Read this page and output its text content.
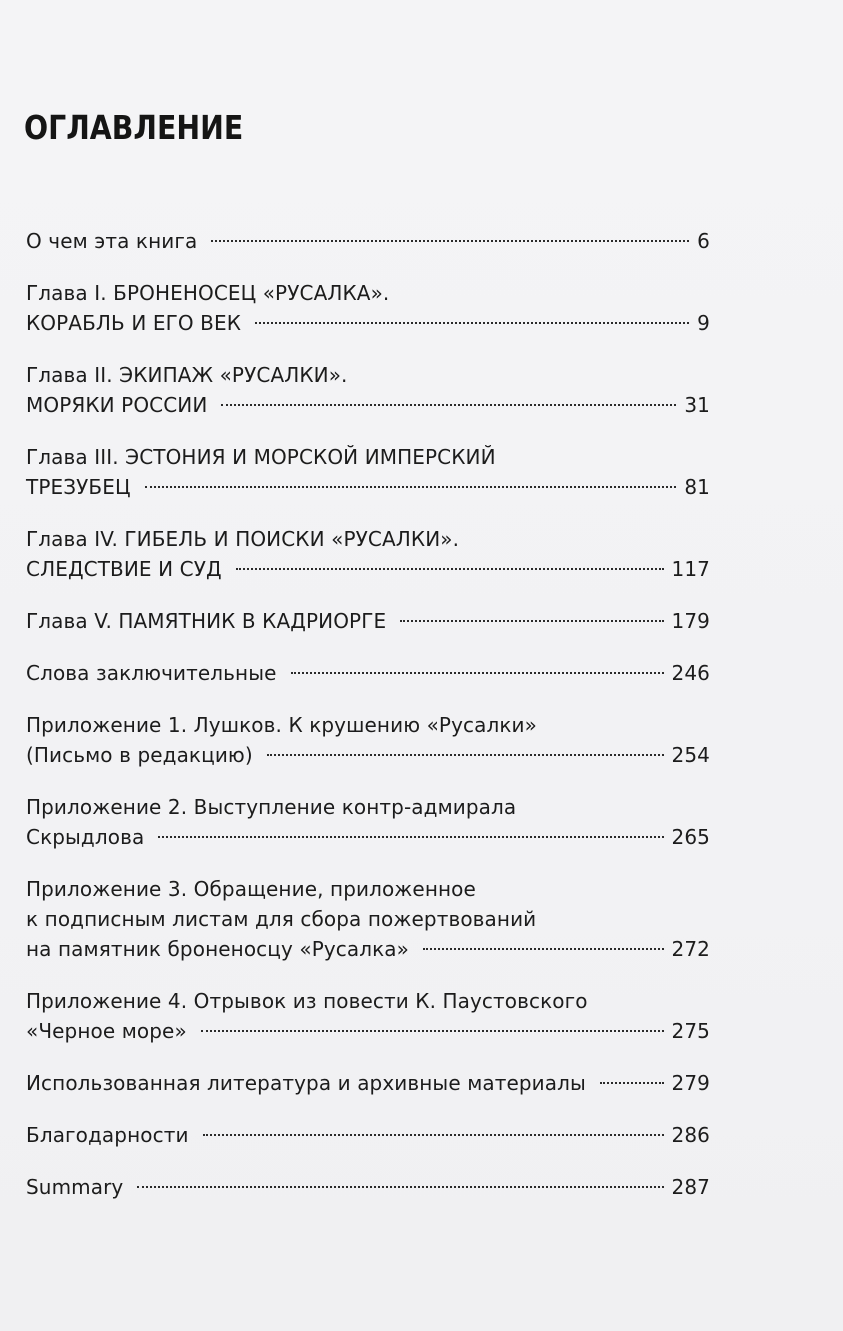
ОГЛАВЛЕНИЕ
О чем эта книга	6
Глава I. БРОНЕНОСЕЦ «РУСАЛКА».
КОРАБЛЬ И ЕГО ВЕК	9
Глава II. ЭКИПАЖ «РУСАЛКИ».
МОРЯКИ РОССИИ	31
Глава III. ЭСТОНИЯ И МОРСКОЙ ИМПЕРСКИЙ
ТРЕЗУБЕЦ	81
Глава IV. ГИБЕЛЬ И ПОИСКИ «РУСАЛКИ».
СЛЕДСТВИЕ И СУД	117
Глава V. ПАМЯТНИК В КАДРИОРГЕ	179
Слова заключительные	246
Приложение 1. Лушков. К крушению «Русалки»
(Письмо в редакцию)	254
Приложение 2. Выступление контр-адмирала
Скрыдлова	265
Приложение 3. Обращение, приложенное
к подписным листам для сбора пожертвований
на памятник броненосцу «Русалка»	272
Приложение 4. Отрывок из повести К. Паустовского
«Черное море»	275
Использованная литература и архивные материалы	279
Благодарности	286
Summary	287
